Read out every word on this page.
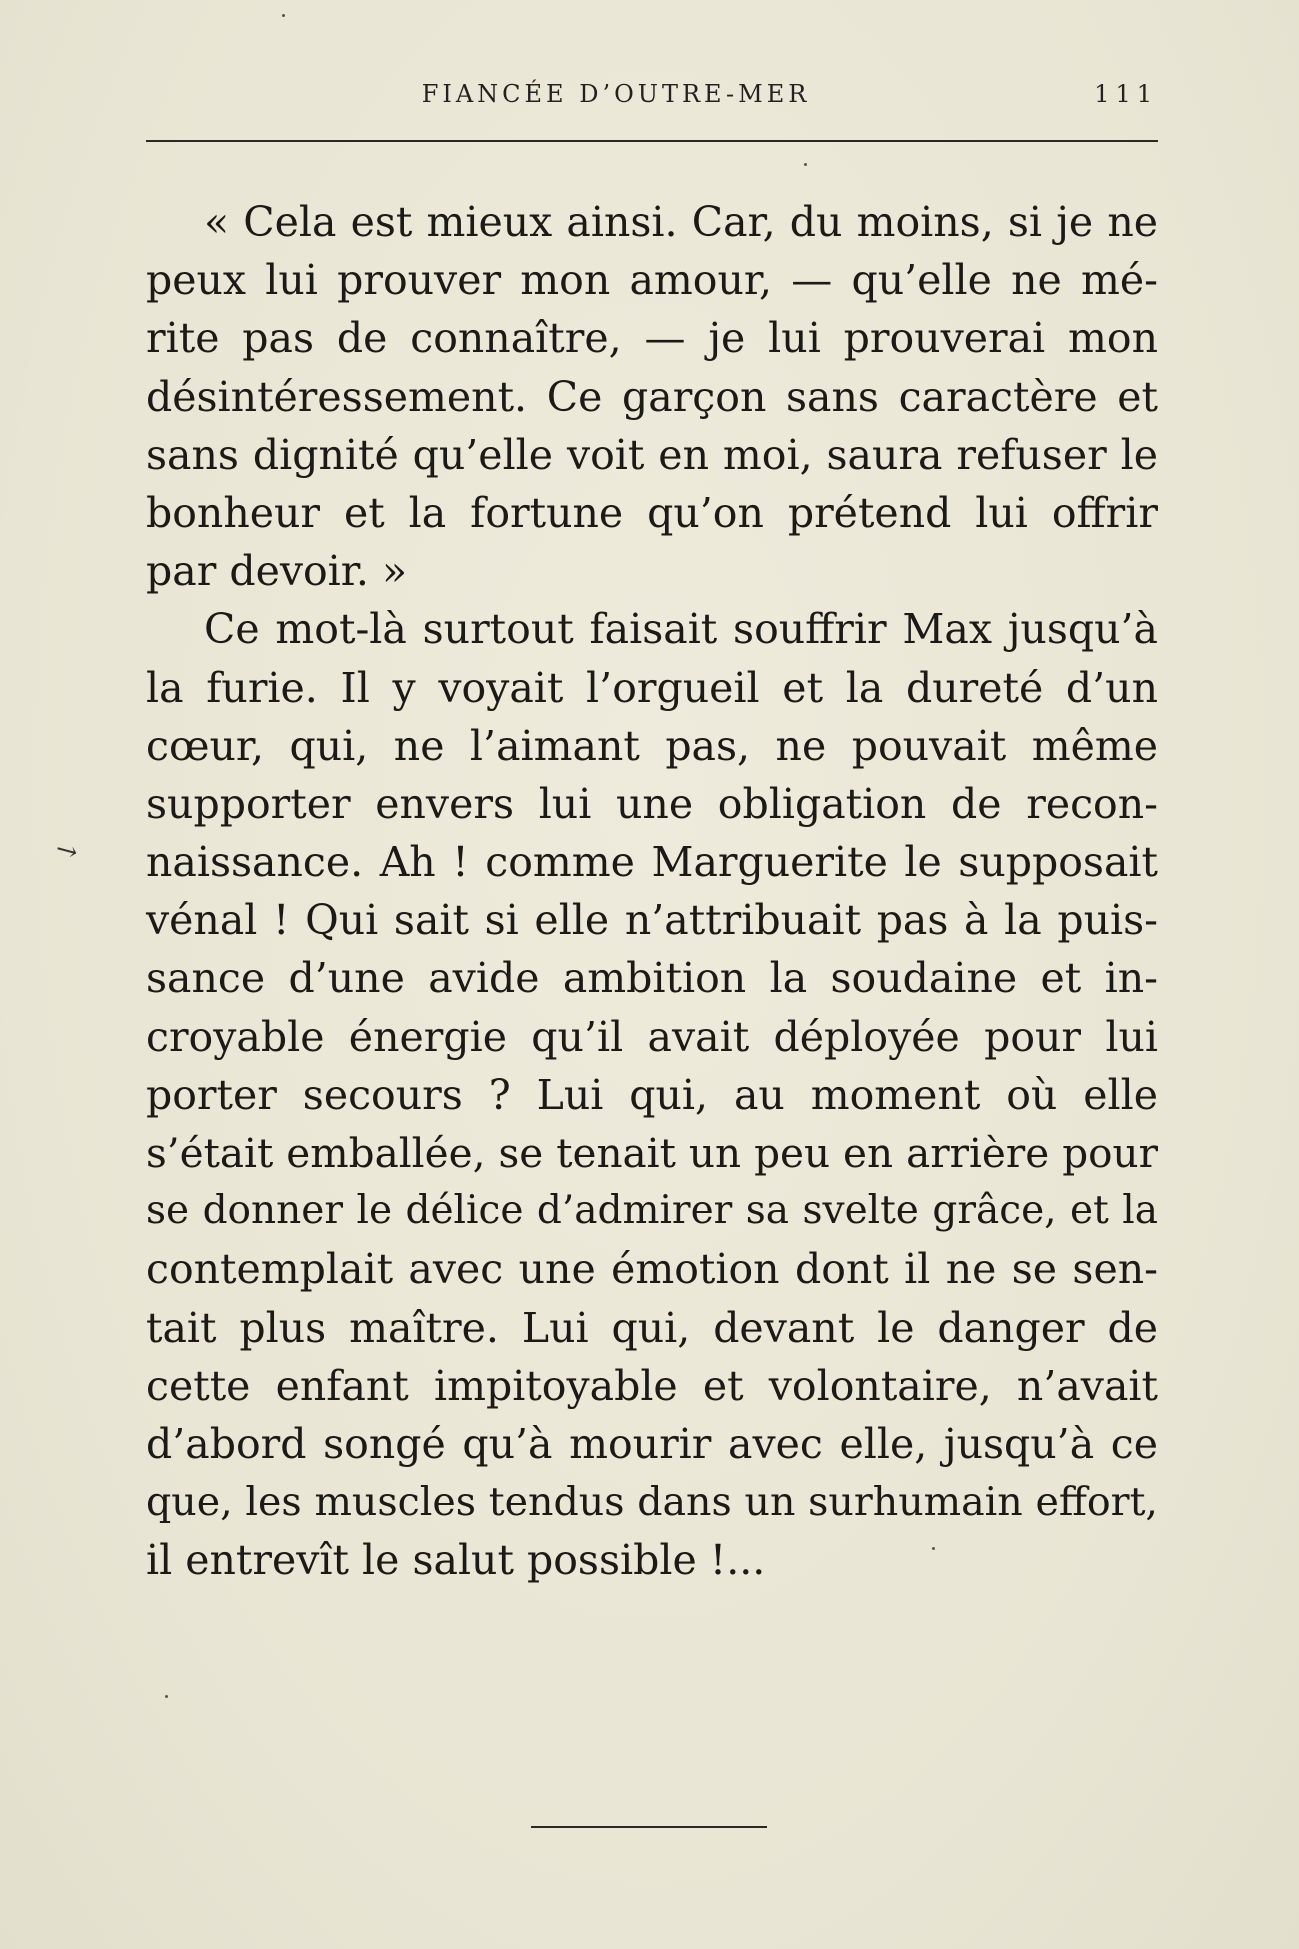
FIANCÉE D’OUTRE-MER	111
« Cela est mieux ainsi. Car, du moins, si je ne
peux lui prouver mon amour, — qu’elle ne mé-
rite pas de connaître, — je lui prouverai mon
désintéressement. Ce garçon sans caractère et
sans dignité qu’elle voit en moi, saura refuser le
bonheur et la fortune qu’on prétend lui offrir
par devoir. »
Ce mot-là surtout faisait souffrir Max jusqu’à
la furie. Il y voyait l’orgueil et la dureté d’un
cœur, qui, ne l’aimant pas, ne pouvait même
supporter envers lui une obligation de recon-
naissance. Ah ! comme Marguerite le supposait
vénal ! Qui sait si elle n’attribuait pas à la puis-
sance d’une avide ambition la soudaine et in-
croyable énergie qu’il avait déployée pour lui
porter secours ? Lui qui, au moment où elle
s’était emballée, se tenait un peu en arrière pour
se donner le délice d’admirer sa svelte grâce, et la
contemplait avec une émotion dont il ne se sen-
tait plus maître. Lui qui, devant le danger de
cette enfant impitoyable et volontaire, n’avait
d’abord songé qu’à mourir avec elle, jusqu’à ce
que, les muscles tendus dans un surhumain effort,
il entrevît le salut possible !...
↘
